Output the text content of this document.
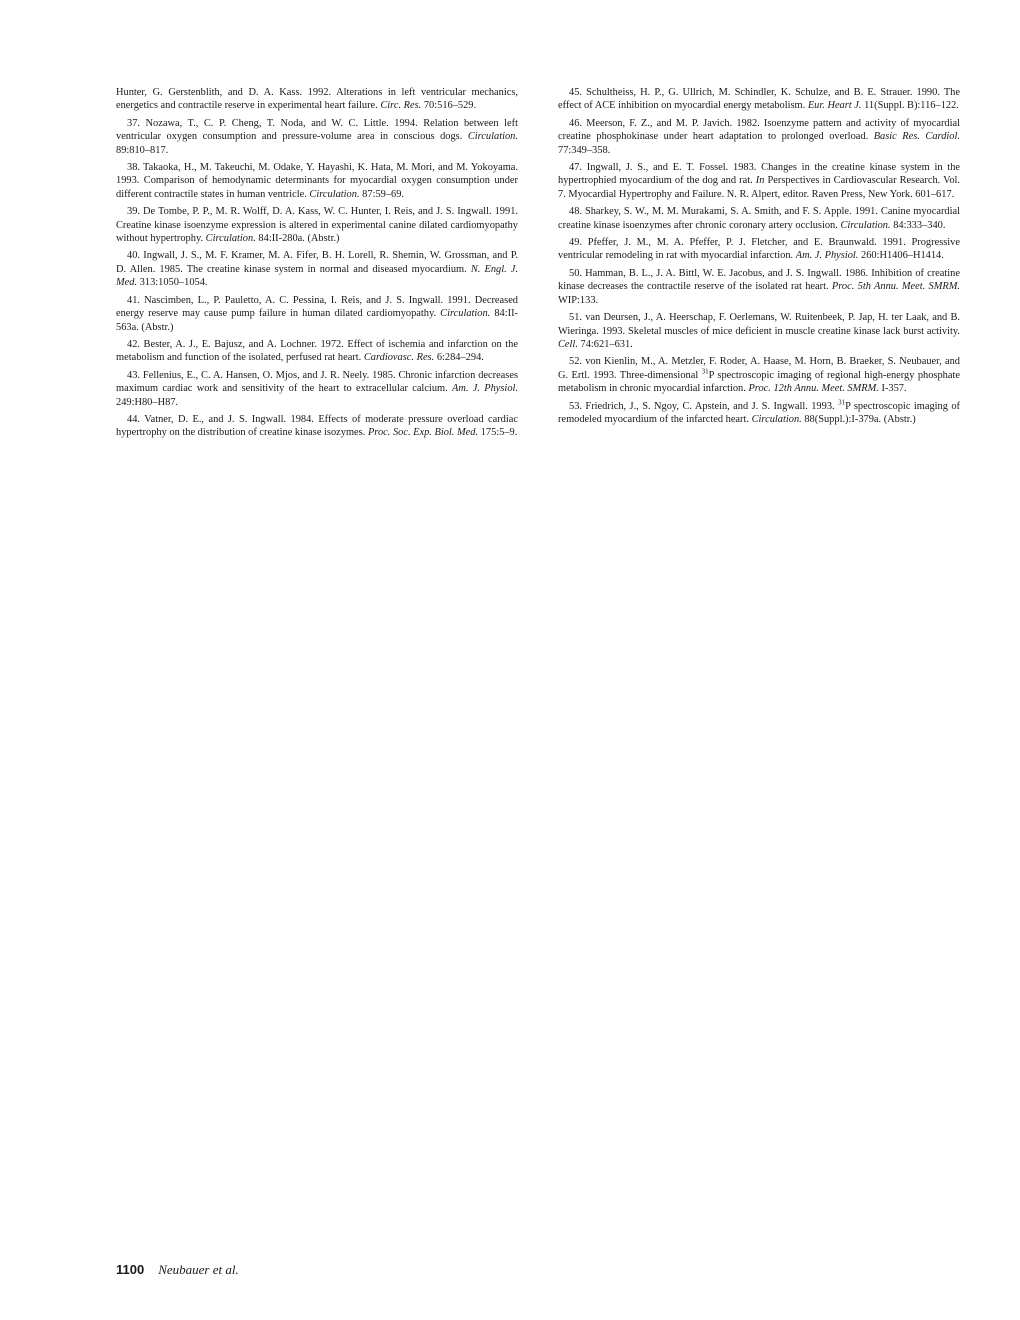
Hunter, G. Gerstenblith, and D. A. Kass. 1992. Alterations in left ventricular mechanics, energetics and contractile reserve in experimental heart failure. Circ. Res. 70:516–529.

37 . Nozawa, T., C. P. Cheng, T. Noda, and W. C. Little. 1994. Relation between left ventricular oxygen consumption and pressure-volume area in conscious dogs. Circulation.89:810–817.

38 . Takaoka, H., M. Takeuchi, M. Odake, Y. Hayashi, K. Hata, M. Mori, and M. Yokoyama. 1993. Comparison of hemodynamic determinants for myocardial oxygen consumption under different contractile states in human ventricle. Circulation. 87:59–69.

39 . De Tombe, P. P., M. R. Wolff, D. A. Kass, W. C. Hunter, I. Reis, and J. S. Ingwall. 1991. Creatine kinase isoenzyme expression is altered in experimental canine dilated cardiomyopathy without hypertrophy. Circulation. 84:II-280a. (Abstr.)

40 . Ingwall, J. S., M. F. Kramer, M. A. Fifer, B. H. Lorell, R. Shemin, W. Grossman, and P. D. Allen. 1985. The creatine kinase system in normal and diseased myocardium. N. Engl. J. Med. 313:1050–1054.

41 . Nascimben, L., P. Pauletto, A. C. Pessina, I. Reis, and J. S. Ingwall. 1991. Decreased energy reserve may cause pump failure in human dilated cardiomyopathy. Circulation. 84:II-563a. (Abstr.)

42 . Bester, A. J., E. Bajusz, and A. Lochner. 1972. Effect of ischemia and infarction on the metabolism and function of the isolated, perfused rat heart. Cardiovasc. Res. 6:284–294.

43 . Fellenius, E., C. A. Hansen, O. Mjos, and J. R. Neely. 1985. Chronic infarction decreases maximum cardiac work and sensitivity of the heart to extracellular calcium. Am. J. Physiol.249:H80–H87.

44 . Vatner, D. E., and J. S. Ingwall. 1984. Effects of moderate pressure overload cardiac hypertrophy on the distribution of creatine kinase isozymes. Proc. Soc. Exp. Biol. Med. 175:5–9.

45 . Schultheiss, H. P., G. Ullrich, M. Schindler, K. Schulze, and B. E. Strauer. 1990. The effect of ACE inhibition on myocardial energy metabolism. Eur. Heart J. 11(Suppl. B):116–122.

46 . Meerson, F. Z., and M. P. Javich. 1982. Isoenzyme pattern and activity of myocardial creatine phosphokinase under heart adaptation to prolonged overload. Basic Res. Cardiol.77:349–358.

47 . Ingwall, J. S., and E. T. Fossel. 1983. Changes in the creatine kinase system in the hypertrophied myocardium of the dog and rat. In Perspectives in Cardiovascular Research. Vol. 7. Myocardial Hypertrophy and Failure. N. R. Alpert, editor. Raven Press, New York. 601–617.

48 . Sharkey, S. W., M. M. Murakami, S. A. Smith, and F. S. Apple. 1991. Canine myocardial creatine kinase isoenzymes after chronic coronary artery occlusion. Circulation. 84:333–340.

49 . Pfeffer, J. M., M. A. Pfeffer, P. J. Fletcher, and E. Braunwald. 1991. Progressive ventricular remodeling in rat with myocardial infarction. Am. J. Physiol. 260:H1406–H1414.

50 . Hamman, B. L., J. A. Bittl, W. E. Jacobus, and J. S. Ingwall. 1986. Inhibition of creatine kinase decreases the contractile reserve of the isolated rat heart. Proc. 5th Annu. Meet. SMRM.WIP:133.

51 . van Deursen, J., A. Heerschap, F. Oerlemans, W. Ruitenbeek, P. Jap, H. ter Laak, and B. Wieringa. 1993. Skeletal muscles of mice deficient in muscle creatine kinase lack burst activity.Cell. 74:621–631.

52 . von Kienlin, M., A. Metzler, F. Roder, A. Haase, M. Horn, B. Braeker, S. Neubauer, and G. Ertl. 1993. Three-dimensional $^{31}$P spectroscopic imaging of regional high-energy phosphate metabolism in chronic myocardial infarction. Proc. 12th Annu. Meet. SMRM. I-357.

53 . Friedrich, J., S. Ngoy, C. Apstein, and J. S. Ingwall. 1993. $^{31}$P spectroscopic imaging of remodeled myocardium of the infarcted heart. Circulation. 88(Suppl.):I-379a. (Abstr.)

1100 Neubauer et al.
